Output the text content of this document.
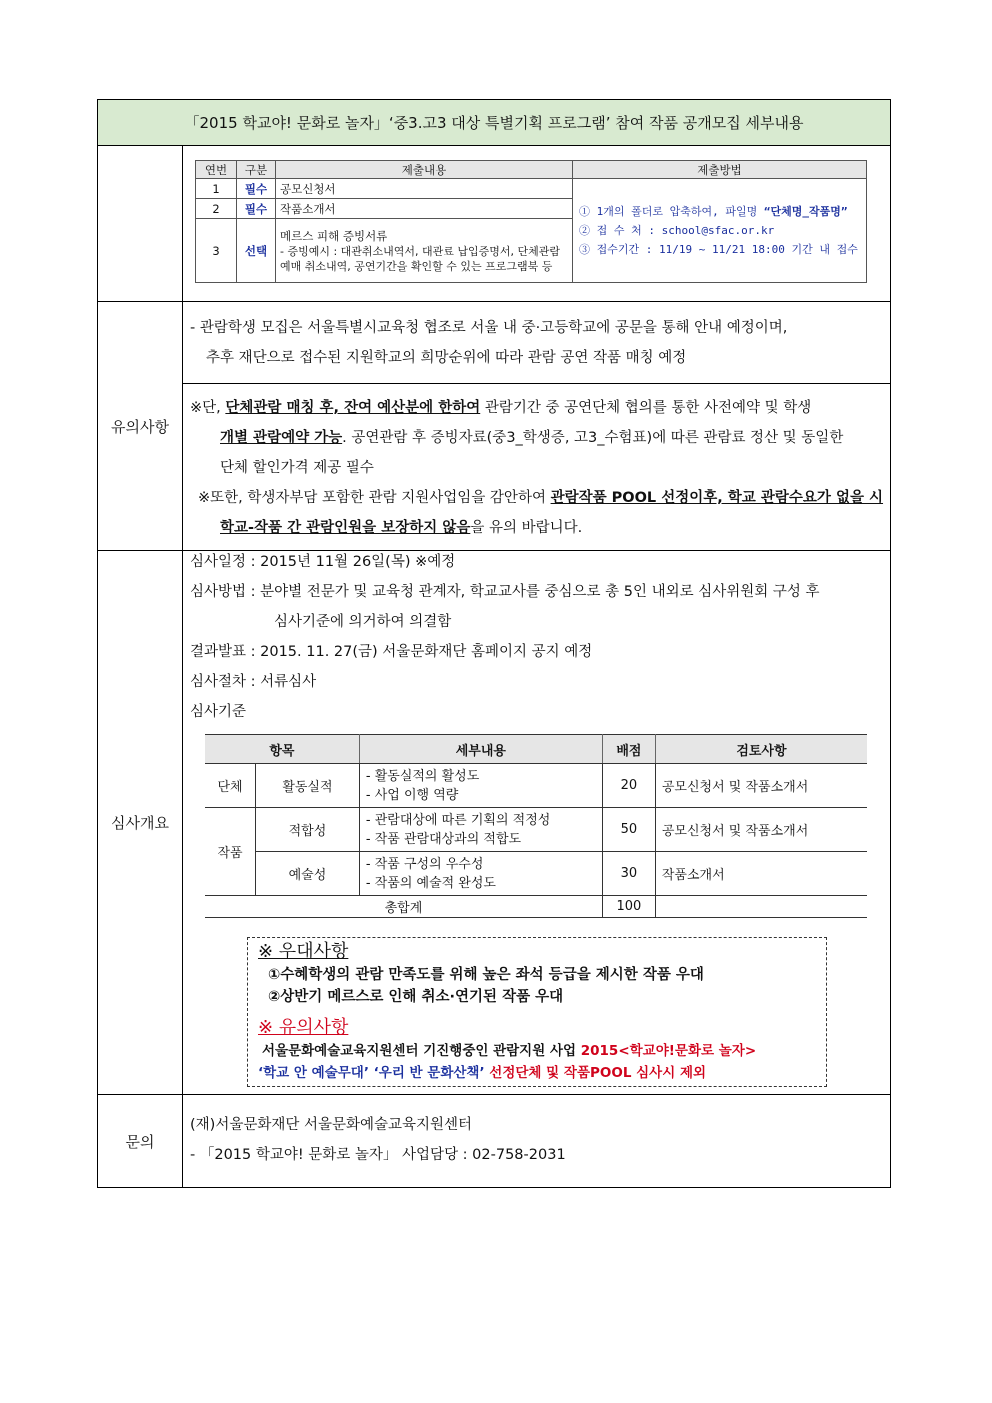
「2015 학교야! 문화로 놀자」‘중3.고3 대상 특별기획 프로그램’ 참여 작품 공개모집 세부내용
연번	구분	제출내용	제출방법
1	필수	공모신청서	① 1개의 폴더로 압축하여, 파일명 “단체명_작품명”
② 접 수 처 : school@sfac.or.kr
③ 접수기간 : 11/19 ~ 11/21 18:00 기간 내 접수

2	필수	작품소개서	
3	선택	메르스 피해 증빙서류
- 증빙예시 : 대관취소내역서, 대관료 납입증명서, 단체관람 예매 취소내역, 공연기간을 확인할 수 있는 프로그램북 등	
유의사항
- 관람학생 모집은 서울특별시교육청 협조로 서울 내 중·고등학교에 공문을 통해 안내 예정이며,
추후 재단으로 접수된 지원학교의 희망순위에 따라 관람 공연 작품 매칭 예정
※단, 단체관람 매칭 후, 잔여 예산분에 한하여 관람기간 중 공연단체 협의를 통한 사전예약 및 학생
개별 관람예약 가능. 공연관람 후 증빙자료(중3_학생증, 고3_수험표)에 따른 관람료 정산 및 동일한
단체 할인가격 제공 필수
※또한, 학생자부담 포함한 관람 지원사업임을 감안하여 관람작품 POOL 선정이후, 학교 관람수요가 없을 시
학교-작품 간 관람인원을 보장하지 않음을 유의 바랍니다.
심사개요
심사일정 : 2015년 11월 26일(목) ※예정
심사방법 : 분야별 전문가 및 교육청 관계자, 학교교사를 중심으로 총 5인 내외로 심사위원회 구성 후
심사기준에 의거하여 의결함
결과발표 : 2015. 11. 27(금) 서울문화재단 홈페이지 공지 예정
심사절차 : 서류심사
심사기준
항목		세부내용	배점	검토사항
단체	활동실적	- 활동실적의 활성도
- 사업 이행 역량	20	공모신청서 및 작품소개서
작품	적합성	- 관람대상에 따른 기획의 적정성
- 작품 관람대상과의 적합도	50	공모신청서 및 작품소개서
	예술성	- 작품 구성의 우수성
- 작품의 예술적 완성도	30	작품소개서
총합계			100	
※ 우대사항
①수혜학생의 관람 만족도를 위해 높은 좌석 등급을 제시한 작품 우대
②상반기 메르스로 인해 취소·연기된 작품 우대
※ 유의사항
서울문화예술교육지원센터 기진행중인 관람지원 사업 2015<학교야!문화로 놀자>
‘학교 안 예술무대’ ‘우리 반 문화산책’ 선정단체 및 작품POOL 심사시 제외
문의
(재)서울문화재단 서울문화예술교육지원센터
- 「2015 학교야! 문화로 놀자」 사업담당 : 02-758-2031
